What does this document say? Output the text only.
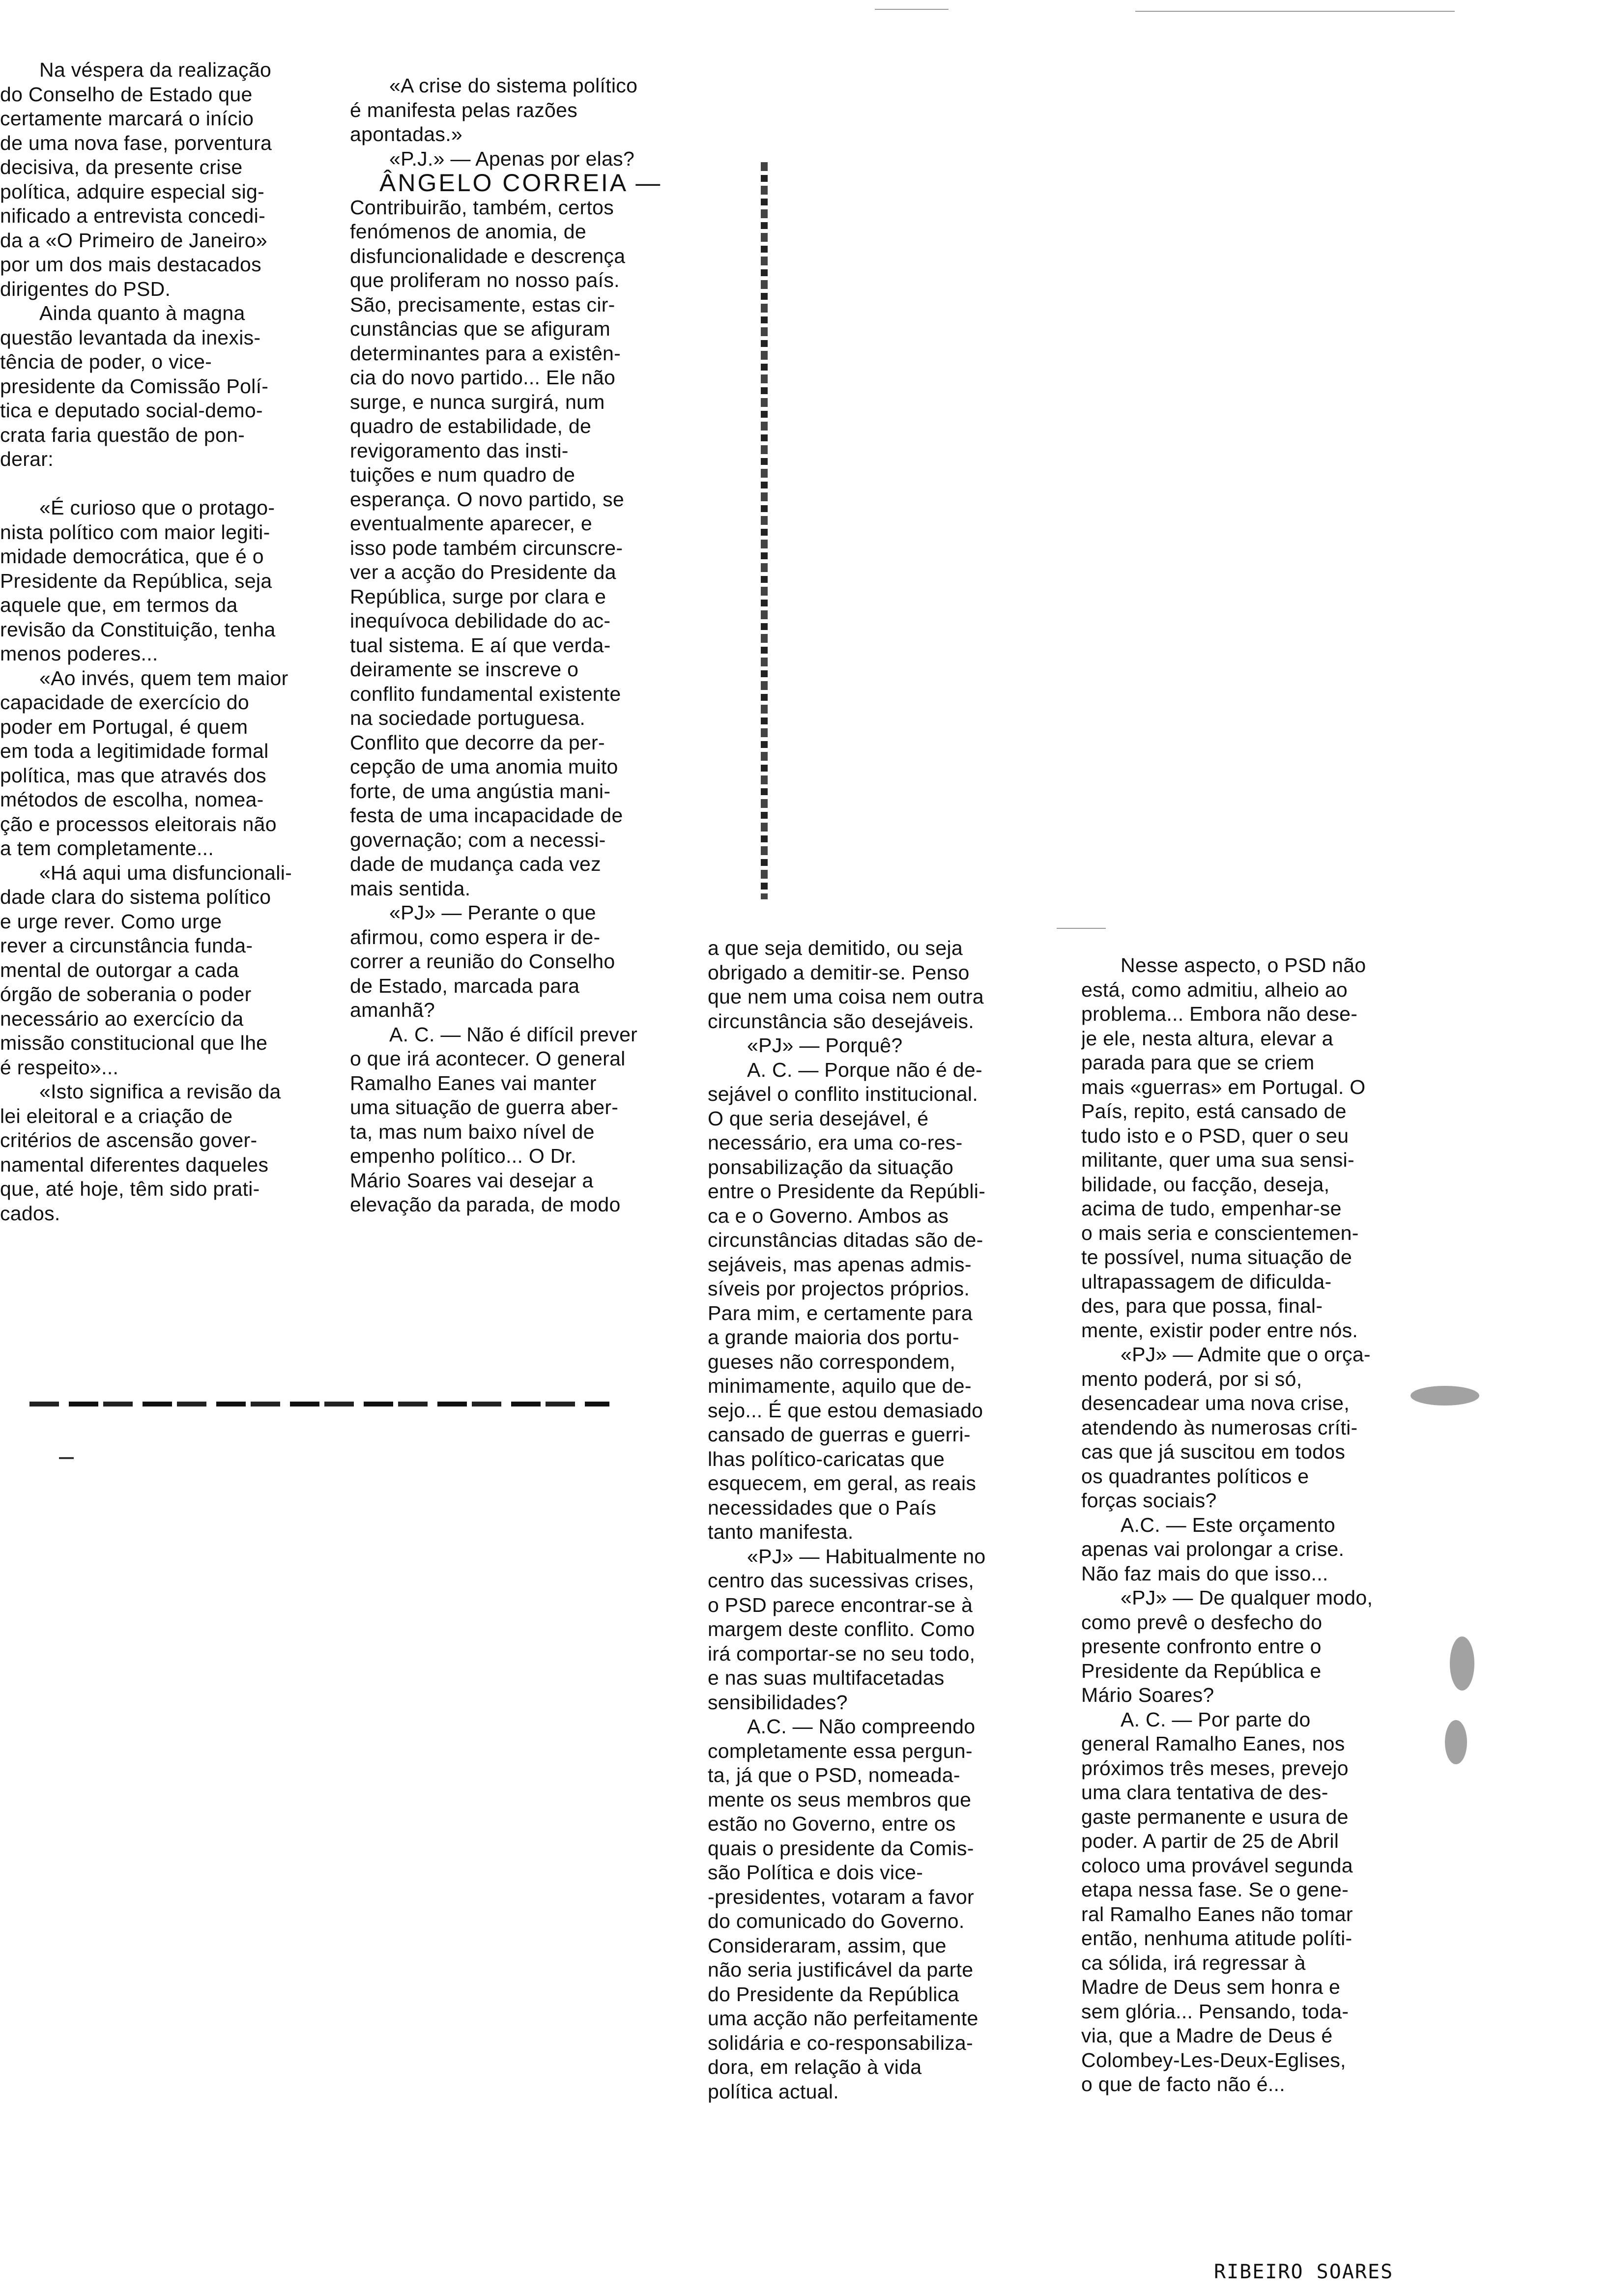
Na véspera da realização
do Conselho de Estado que
certamente marcará o início
de uma nova fase, porventura
decisiva, da presente crise
política, adquire especial sig-
nificado a entrevista concedi-
da a «O Primeiro de Janeiro»
por um dos mais destacados
dirigentes do PSD.
Ainda quanto à magna
questão levantada da inexis-
tência de poder, o vice-
presidente da Comissão Polí-
tica e deputado social-demo-
crata faria questão de pon-
derar:
«É curioso que o protago-
nista político com maior legiti-
midade democrática, que é o
Presidente da República, seja
aquele que, em termos da
revisão da Constituição, tenha
menos poderes...
«Ao invés, quem tem maior
capacidade de exercício do
poder em Portugal, é quem
em toda a legitimidade formal
política, mas que através dos
métodos de escolha, nomea-
ção e processos eleitorais não
a tem completamente...
«Há aqui uma disfuncionali-
dade clara do sistema político
e urge rever. Como urge
rever a circunstância funda-
mental de outorgar a cada
órgão de soberania o poder
necessário ao exercício da
missão constitucional que lhe
é respeito»...
«Isto significa a revisão da
lei eleitoral e a criação de
critérios de ascensão gover-
namental diferentes daqueles
que, até hoje, têm sido prati-
cados.
«A crise do sistema político
é manifesta pelas razões
apontadas.»
«P.J.» — Apenas por elas?
ÂNGELO CORREIA —
Contribuirão, também, certos
fenómenos de anomia, de
disfuncionalidade e descrença
que proliferam no nosso país.
São, precisamente, estas cir-
cunstâncias que se afiguram
determinantes para a existên-
cia do novo partido... Ele não
surge, e nunca surgirá, num
quadro de estabilidade, de
revigoramento das insti-
tuições e num quadro de
esperança. O novo partido, se
eventualmente aparecer, e
isso pode também circunscre-
ver a acção do Presidente da
República, surge por clara e
inequívoca debilidade do ac-
tual sistema. E aí que verda-
deiramente se inscreve o
conflito fundamental existente
na sociedade portuguesa.
Conflito que decorre da per-
cepção de uma anomia muito
forte, de uma angústia mani-
festa de uma incapacidade de
governação; com a necessi-
dade de mudança cada vez
mais sentida.
«PJ» — Perante o que
afirmou, como espera ir de-
correr a reunião do Conselho
de Estado, marcada para
amanhã?
A. C. — Não é difícil prever
o que irá acontecer. O general
Ramalho Eanes vai manter
uma situação de guerra aber-
ta, mas num baixo nível de
empenho político... O Dr.
Mário Soares vai desejar a
elevação da parada, de modo
a que seja demitido, ou seja
obrigado a demitir-se. Penso
que nem uma coisa nem outra
circunstância são desejáveis.
«PJ» — Porquê?
A. C. — Porque não é de-
sejável o conflito institucional.
O que seria desejável, é
necessário, era uma co-res-
ponsabilização da situação
entre o Presidente da Repúbli-
ca e o Governo. Ambos as
circunstâncias ditadas são de-
sejáveis, mas apenas admis-
síveis por projectos próprios.
Para mim, e certamente para
a grande maioria dos portu-
gueses não correspondem,
minimamente, aquilo que de-
sejo... É que estou demasiado
cansado de guerras e guerri-
lhas político-caricatas que
esquecem, em geral, as reais
necessidades que o País
tanto manifesta.
«PJ» — Habitualmente no
centro das sucessivas crises,
o PSD parece encontrar-se à
margem deste conflito. Como
irá comportar-se no seu todo,
e nas suas multifacetadas
sensibilidades?
A.C. — Não compreendo
completamente essa pergun-
ta, já que o PSD, nomeada-
mente os seus membros que
estão no Governo, entre os
quais o presidente da Comis-
são Política e dois vice-
-presidentes, votaram a favor
do comunicado do Governo.
Consideraram, assim, que
não seria justificável da parte
do Presidente da República
uma acção não perfeitamente
solidária e co-responsabiliza-
dora, em relação à vida
política actual.
Nesse aspecto, o PSD não
está, como admitiu, alheio ao
problema... Embora não dese-
je ele, nesta altura, elevar a
parada para que se criem
mais «guerras» em Portugal. O
País, repito, está cansado de
tudo isto e o PSD, quer o seu
militante, quer uma sua sensi-
bilidade, ou facção, deseja,
acima de tudo, empenhar-se
o mais seria e conscientemen-
te possível, numa situação de
ultrapassagem de dificulda-
des, para que possa, final-
mente, existir poder entre nós.
«PJ» — Admite que o orça-
mento poderá, por si só,
desencadear uma nova crise,
atendendo às numerosas críti-
cas que já suscitou em todos
os quadrantes políticos e
forças sociais?
A.C. — Este orçamento
apenas vai prolongar a crise.
Não faz mais do que isso...
«PJ» — De qualquer modo,
como prevê o desfecho do
presente confronto entre o
Presidente da República e
Mário Soares?
A. C. — Por parte do
general Ramalho Eanes, nos
próximos três meses, prevejo
uma clara tentativa de des-
gaste permanente e usura de
poder. A partir de 25 de Abril
coloco uma provável segunda
etapa nessa fase. Se o gene-
ral Ramalho Eanes não tomar
então, nenhuma atitude políti-
ca sólida, irá regressar à
Madre de Deus sem honra e
sem glória... Pensando, toda-
via, que a Madre de Deus é
Colombey-Les-Deux-Eglises,
o que de facto não é...
RIBEIRO SOARES
